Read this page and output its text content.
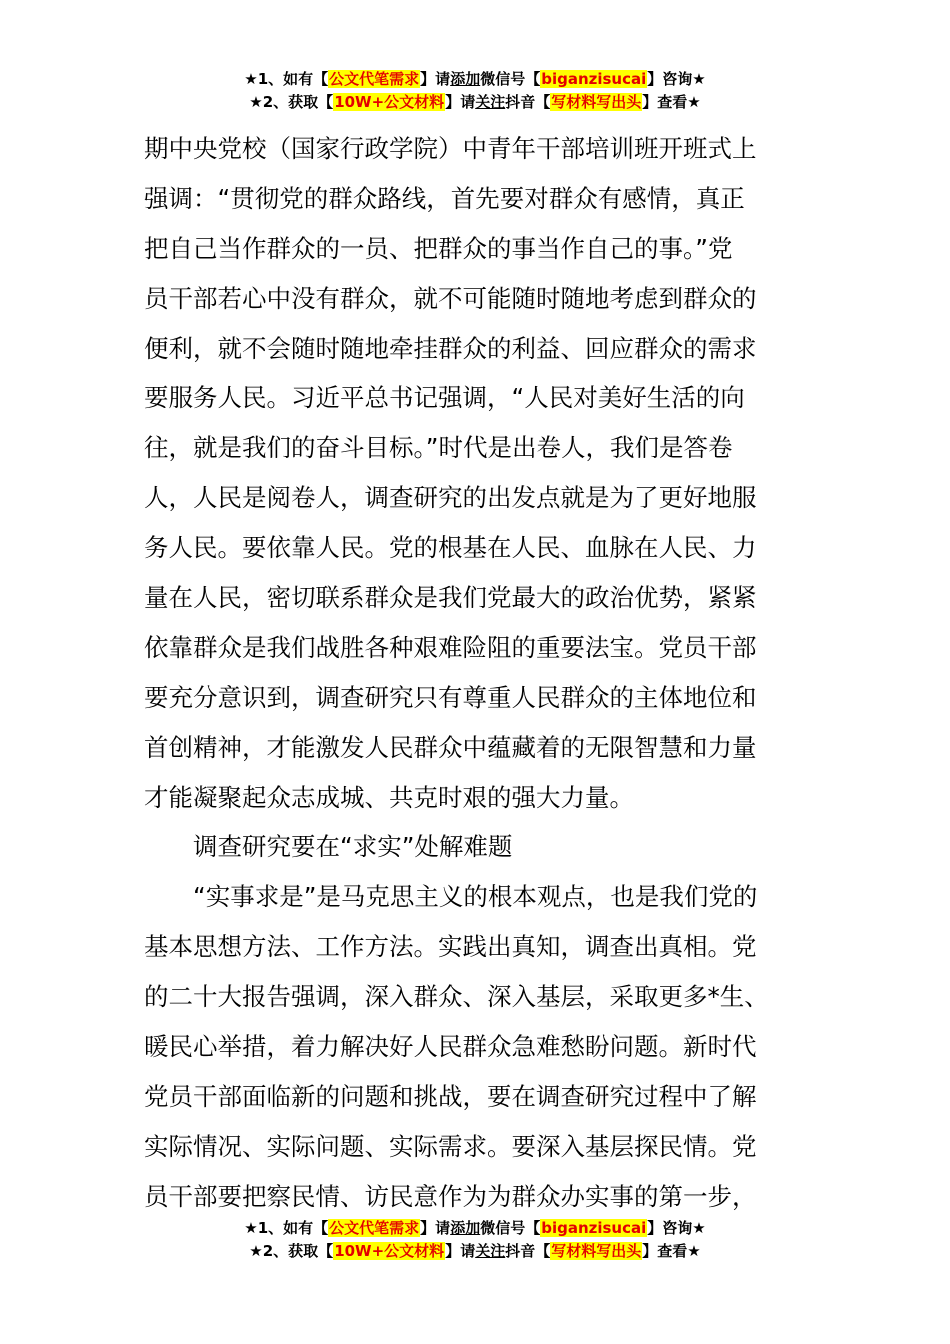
★1、如有【公文代笔需求】请添加微信号【biganzisucai】咨询★
★2、获取【10W+公文材料】请关注抖音【写材料写出头】查看★
期中央党校（国家行政学院）中青年干部培训班开班式上
强调：“贯彻党的群众路线，首先要对群众有感情，真正
把自己当作群众的一员、把群众的事当作自己的事。”党
员干部若心中没有群众，就不可能随时随地考虑到群众的
便利，就不会随时随地牵挂群众的利益、回应群众的需求
要服务人民。习近平总书记强调，“人民对美好生活的向
往，就是我们的奋斗目标。”时代是出卷人，我们是答卷
人，人民是阅卷人，调查研究的出发点就是为了更好地服
务人民。要依靠人民。党的根基在人民、血脉在人民、力
量在人民，密切联系群众是我们党最大的政治优势，紧紧
依靠群众是我们战胜各种艰难险阻的重要法宝。党员干部
要充分意识到，调查研究只有尊重人民群众的主体地位和
首创精神，才能激发人民群众中蕴藏着的无限智慧和力量
才能凝聚起众志成城、共克时艰的强大力量。
调查研究要在“求实”处解难题
“实事求是”是马克思主义的根本观点，也是我们党的
基本思想方法、工作方法。实践出真知，调查出真相。党
的二十大报告强调，深入群众、深入基层，采取更多*生、
暖民心举措，着力解决好人民群众急难愁盼问题。新时代
党员干部面临新的问题和挑战，要在调查研究过程中了解
实际情况、实际问题、实际需求。要深入基层探民情。党
员干部要把察民情、访民意作为为群众办实事的第一步，
★1、如有【公文代笔需求】请添加微信号【biganzisucai】咨询★
★2、获取【10W+公文材料】请关注抖音【写材料写出头】查看★
